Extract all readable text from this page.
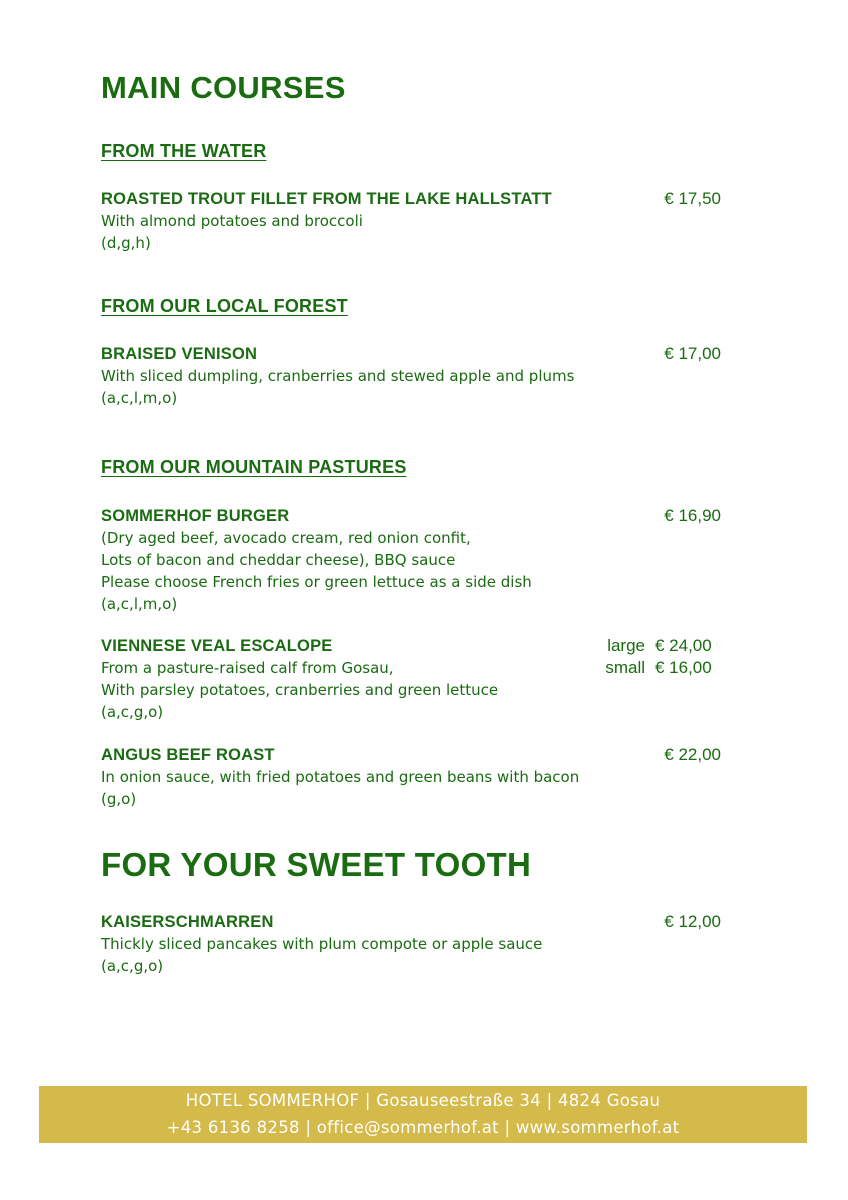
MAIN COURSES
FROM THE WATER
ROASTED TROUT FILLET FROM THE LAKE HALLSTATT	€ 17,50
With almond potatoes and broccoli
(d,g,h)
FROM OUR LOCAL FOREST
BRAISED VENISON	€ 17,00
With sliced dumpling, cranberries and stewed apple and plums
(a,c,l,m,o)
FROM OUR MOUNTAIN PASTURES
SOMMERHOF BURGER	€ 16,90
(Dry aged beef, avocado cream, red onion confit,
Lots of bacon and cheddar cheese), BBQ sauce
Please choose French fries or green lettuce as a side dish
(a,c,l,m,o)
VIENNESE VEAL ESCALOPE	large € 24,00
small € 16,00
From a pasture-raised calf from Gosau,
With parsley potatoes, cranberries and green lettuce
(a,c,g,o)
ANGUS BEEF ROAST	€ 22,00
In onion sauce, with fried potatoes and green beans with bacon
(g,o)
FOR YOUR SWEET TOOTH
KAISERSCHMARREN	€ 12,00
Thickly sliced pancakes with plum compote or apple sauce
(a,c,g,o)
HOTEL SOMMERHOF | Gosauseestraße 34 | 4824 Gosau
+43 6136 8258 | office@sommerhof.at | www.sommerhof.at
